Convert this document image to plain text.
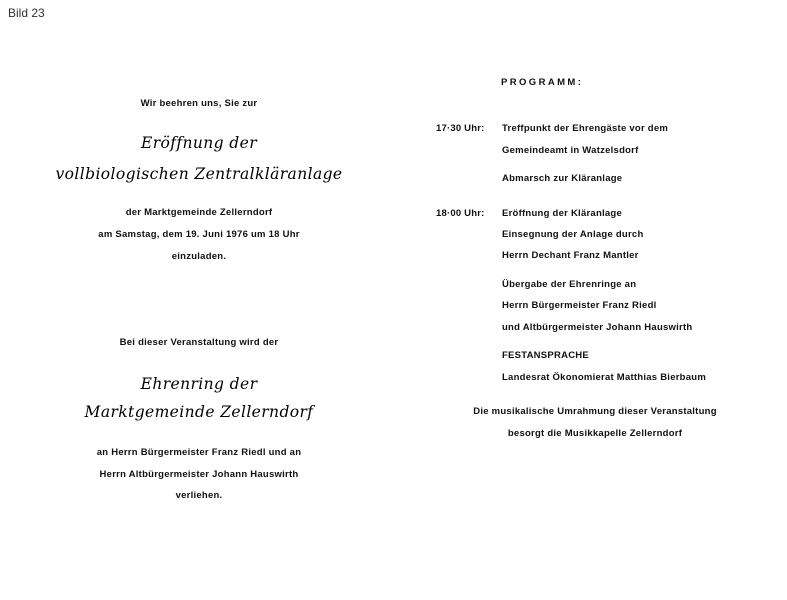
Bild 23
Wir beehren uns, Sie zur
Eröffnung der
vollbiologischen Zentralkläranlage
der Marktgemeinde Zellerndorf
am Samstag, dem 19. Juni 1976 um 18 Uhr
einzuladen.
Bei dieser Veranstaltung wird der
Ehrenring der
Marktgemeinde Zellerndorf
an Herrn Bürgermeister Franz Riedl und an
Herrn Altbürgermeister Johann Hauswirth
verliehen.
PROGRAMM:
17·30 Uhr:	Treffpunkt der Ehrengäste vor dem
Gemeindeamt in Watzelsdorf
Abmarsch zur Kläranlage
18·00 Uhr:	Eröffnung der Kläranlage
Einsegnung der Anlage durch
Herrn Dechant Franz Mantler
Übergabe der Ehrenringe an
Herrn Bürgermeister Franz Riedl
und Altbürgermeister Johann Hauswirth
FESTANSPRACHE
Landesrat Ökonomierat Matthias Bierbaum
Die musikalische Umrahmung dieser Veranstaltung
besorgt die Musikkapelle Zellerndorf
